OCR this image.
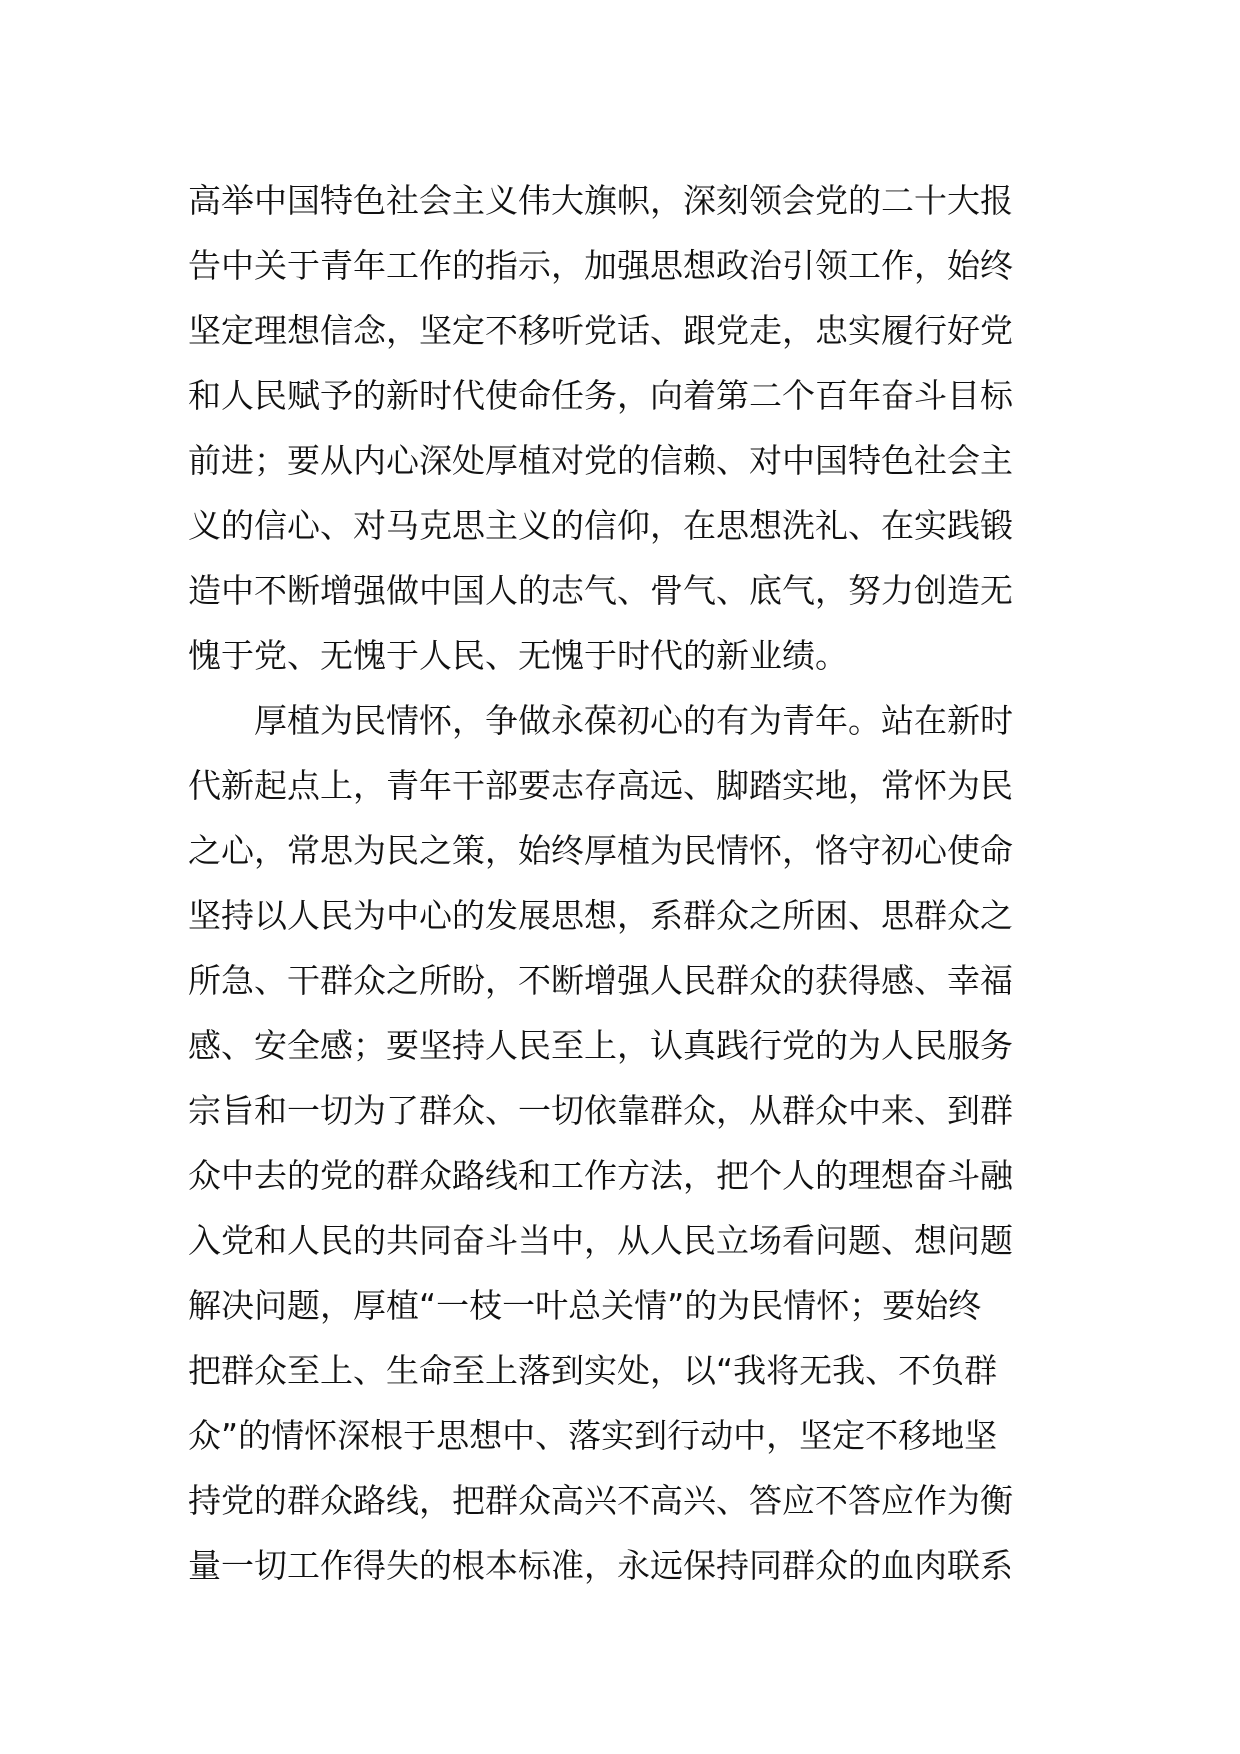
高举中国特色社会主义伟大旗帜，深刻领会党的二十大报
告中关于青年工作的指示，加强思想政治引领工作，始终
坚定理想信念，坚定不移听党话、跟党走，忠实履行好党
和人民赋予的新时代使命任务，向着第二个百年奋斗目标
前进；要从内心深处厚植对党的信赖、对中国特色社会主
义的信心、对马克思主义的信仰，在思想洗礼、在实践锻
造中不断增强做中国人的志气、骨气、底气，努力创造无
愧于党、无愧于人民、无愧于时代的新业绩。
厚植为民情怀，争做永葆初心的有为青年。站在新时
代新起点上，青年干部要志存高远、脚踏实地，常怀为民
之心，常思为民之策，始终厚植为民情怀，恪守初心使命
坚持以人民为中心的发展思想，系群众之所困、思群众之
所急、干群众之所盼，不断增强人民群众的获得感、幸福
感、安全感；要坚持人民至上，认真践行党的为人民服务
宗旨和一切为了群众、一切依靠群众，从群众中来、到群
众中去的党的群众路线和工作方法，把个人的理想奋斗融
入党和人民的共同奋斗当中，从人民立场看问题、想问题
解决问题，厚植“一枝一叶总关情”的为民情怀；要始终
把群众至上、生命至上落到实处，以“我将无我、不负群
众”的情怀深根于思想中、落实到行动中，坚定不移地坚
持党的群众路线，把群众高兴不高兴、答应不答应作为衡
量一切工作得失的根本标准，永远保持同群众的血肉联系
